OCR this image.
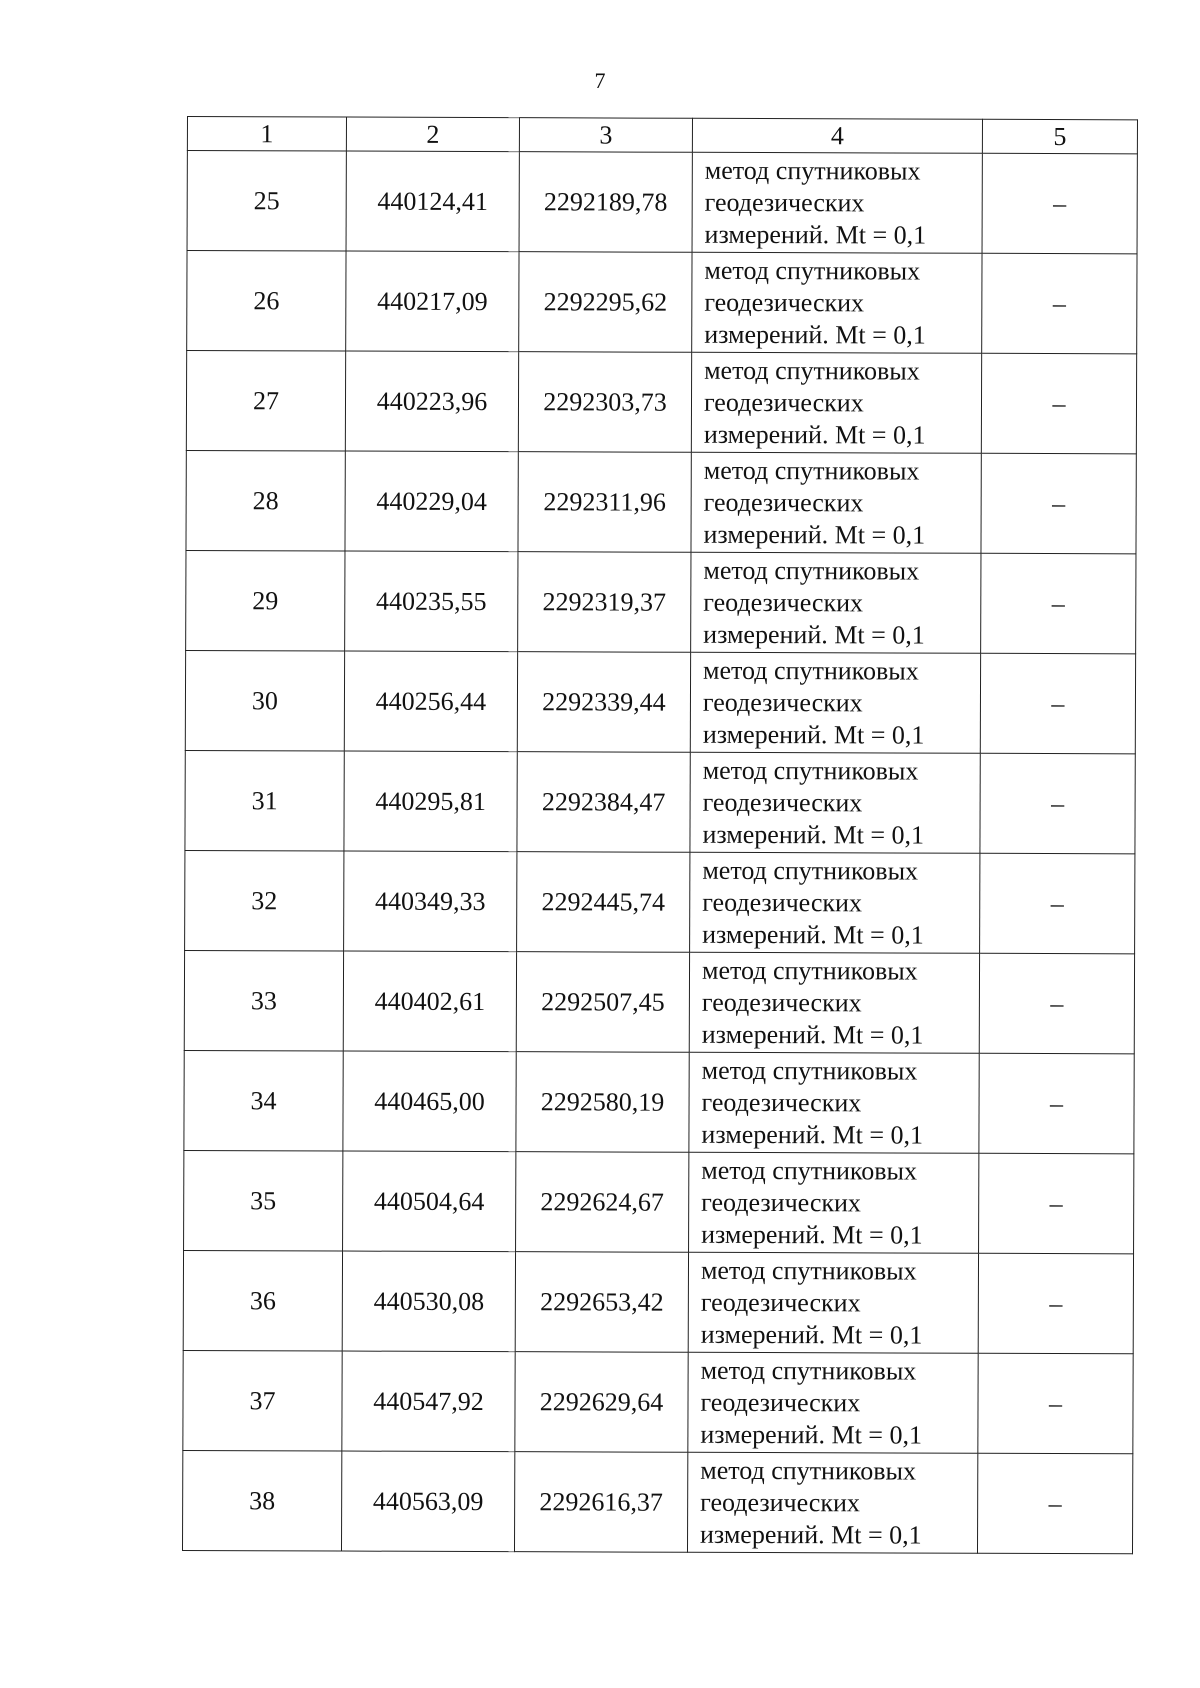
7
1	2	3	4	5
25	440124,41	2292189,78	метод спутниковых
геодезических
измерений. Mt = 0,1	–
26	440217,09	2292295,62	метод спутниковых
геодезических
измерений. Mt = 0,1	–
27	440223,96	2292303,73	метод спутниковых
геодезических
измерений. Mt = 0,1	–
28	440229,04	2292311,96	метод спутниковых
геодезических
измерений. Mt = 0,1	–
29	440235,55	2292319,37	метод спутниковых
геодезических
измерений. Mt = 0,1	–
30	440256,44	2292339,44	метод спутниковых
геодезических
измерений. Mt = 0,1	–
31	440295,81	2292384,47	метод спутниковых
геодезических
измерений. Mt = 0,1	–
32	440349,33	2292445,74	метод спутниковых
геодезических
измерений. Mt = 0,1	–
33	440402,61	2292507,45	метод спутниковых
геодезических
измерений. Mt = 0,1	–
34	440465,00	2292580,19	метод спутниковых
геодезических
измерений. Mt = 0,1	–
35	440504,64	2292624,67	метод спутниковых
геодезических
измерений. Mt = 0,1	–
36	440530,08	2292653,42	метод спутниковых
геодезических
измерений. Mt = 0,1	–
37	440547,92	2292629,64	метод спутниковых
геодезических
измерений. Mt = 0,1	–
38	440563,09	2292616,37	метод спутниковых
геодезических
измерений. Mt = 0,1	–
